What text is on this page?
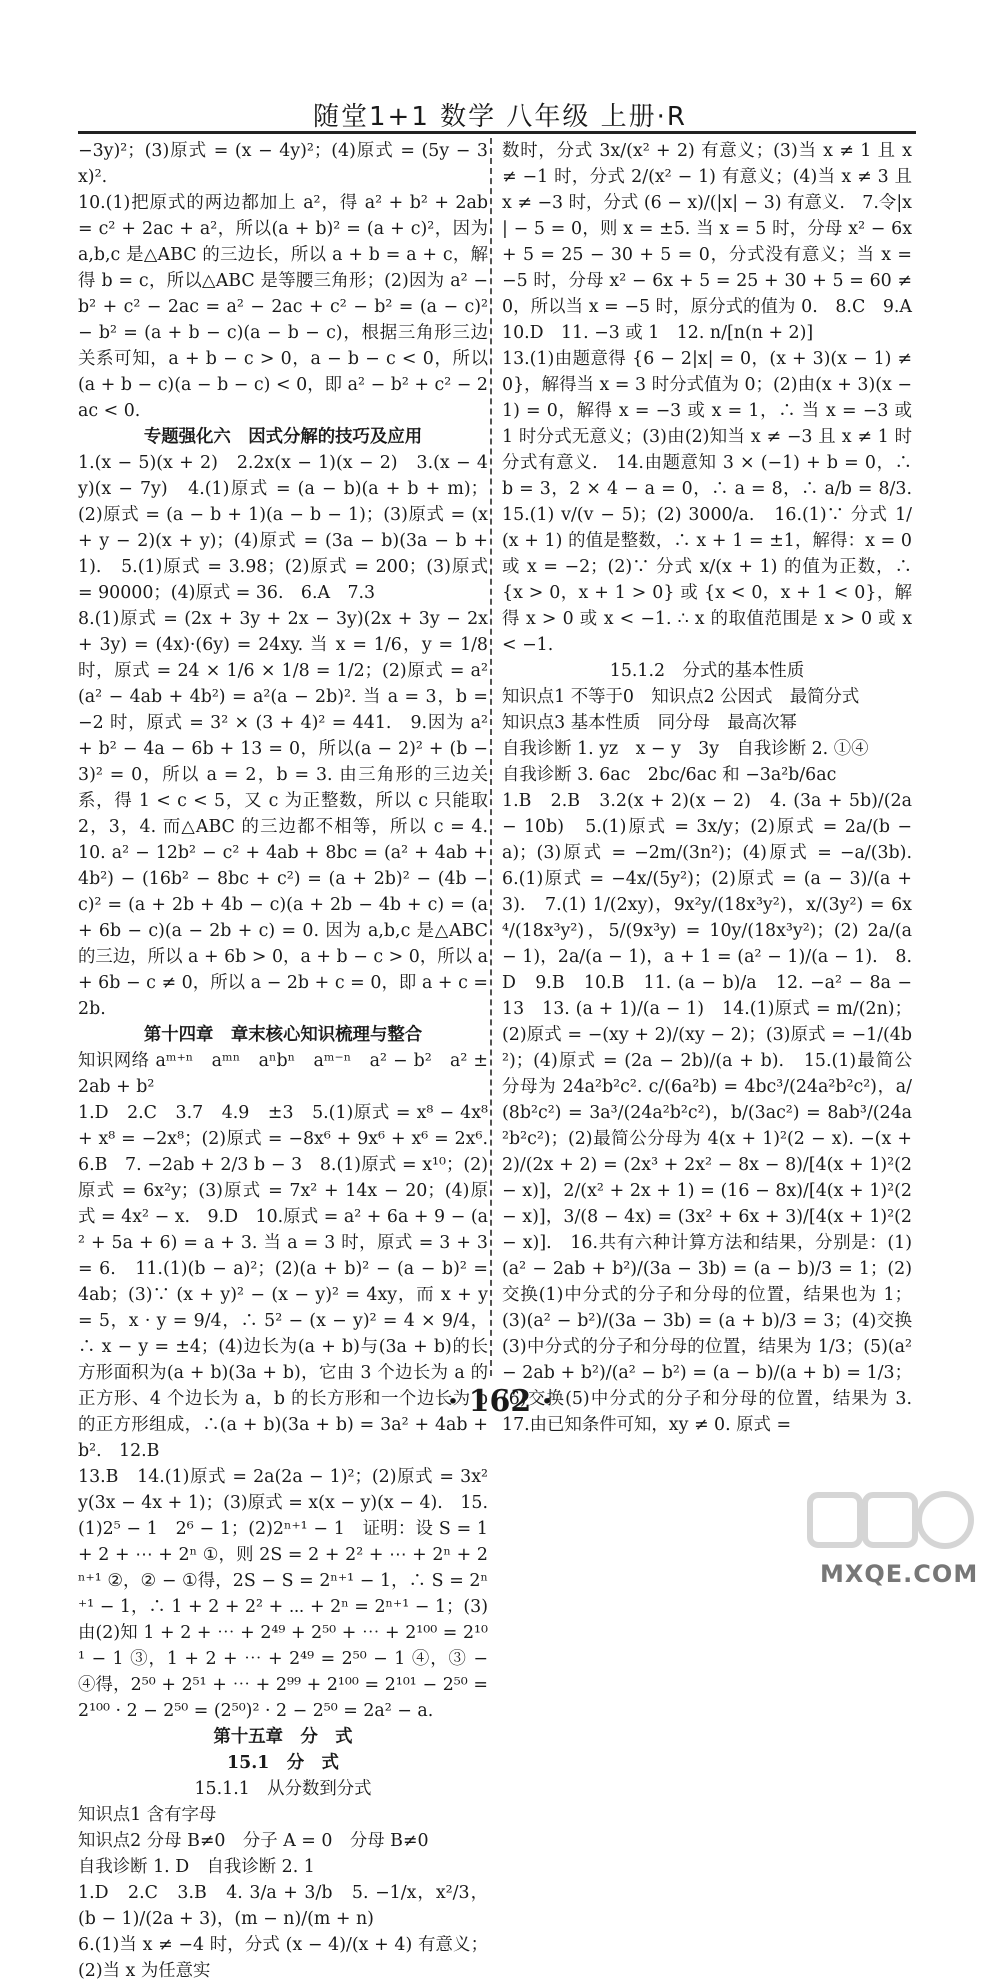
随堂1+1 数学 八年级 上册·R

−3y)²；(3)原式 = (x − 4y)²；(4)原式 = (5y − 3x)².

10.(1)把原式的两边都加上 a²，得 a² + b² + 2ab = c² + 2ac + a²，所以(a + b)² = (a + c)²，因为 a,b,c 是△ABC 的三边长，所以 a + b = a + c，解得 b = c，所以△ABC 是等腰三角形；(2)因为 a² − b² + c² − 2ac = a² − 2ac + c² − b² = (a − c)² − b² = (a + b − c)(a − b − c)，根据三角形三边关系可知，a + b − c > 0，a − b − c < 0，所以(a + b − c)(a − b − c) < 0，即 a² − b² + c² − 2ac < 0.

专题强化六　因式分解的技巧及应用

1.(x − 5)(x + 2)　2.2x(x − 1)(x − 2)　3.(x − 4y)(x − 7y)　4.(1)原式 = (a − b)(a + b + m)；(2)原式 = (a − b + 1)(a − b − 1)；(3)原式 = (x + y − 2)(x + y)；(4)原式 = (3a − b)(3a − b + 1).　5.(1)原式 = 3.98；(2)原式 = 200；(3)原式 = 90000；(4)原式 = 36.　6.A　7.3

8.(1)原式 = (2x + 3y + 2x − 3y)(2x + 3y − 2x + 3y) = (4x)·(6y) = 24xy. 当 x = 1/6，y = 1/8 时，原式 = 24 × 1/6 × 1/8 = 1/2；(2)原式 = a²(a² − 4ab + 4b²) = a²(a − 2b)². 当 a = 3，b = −2 时，原式 = 3² × (3 + 4)² = 441.　9.因为 a² + b² − 4a − 6b + 13 = 0，所以(a − 2)² + (b − 3)² = 0，所以 a = 2，b = 3. 由三角形的三边关系，得 1 < c < 5，又 c 为正整数，所以 c 只能取 2，3，4. 而△ABC 的三边都不相等，所以 c = 4.　10. a² − 12b² − c² + 4ab + 8bc = (a² + 4ab + 4b²) − (16b² − 8bc + c²) = (a + 2b)² − (4b − c)² = (a + 2b + 4b − c)(a + 2b − 4b + c) = (a + 6b − c)(a − 2b + c) = 0. 因为 a,b,c 是△ABC 的三边，所以 a + 6b > 0，a + b − c > 0，所以 a + 6b − c ≠ 0，所以 a − 2b + c = 0，即 a + c = 2b.

第十四章　章末核心知识梳理与整合

知识网络 aᵐ⁺ⁿ　aᵐⁿ　aⁿbⁿ　aᵐ⁻ⁿ　a² − b²　a² ± 2ab + b²

1.D　2.C　3.7　4.9　±3　5.(1)原式 = x⁸ − 4x⁸ + x⁸ = −2x⁸；(2)原式 = −8x⁶ + 9x⁶ + x⁶ = 2x⁶.　6.B　7. −2ab + 2/3 b − 3　8.(1)原式 = x¹⁰；(2)原式 = 6x²y；(3)原式 = 7x² + 14x − 20；(4)原式 = 4x² − x.　9.D　10.原式 = a² + 6a + 9 − (a² + 5a + 6) = a + 3. 当 a = 3 时，原式 = 3 + 3 = 6.　11.(1)(b − a)²；(2)(a + b)² − (a − b)² = 4ab；(3)∵ (x + y)² − (x − y)² = 4xy，而 x + y = 5，x · y = 9/4，∴ 5² − (x − y)² = 4 × 9/4，∴ x − y = ±4；(4)边长为(a + b)与(3a + b)的长方形面积为(a + b)(3a + b)，它由 3 个边长为 a 的正方形、4 个边长为 a，b 的长方形和一个边长为 b 的正方形组成，∴(a + b)(3a + b) = 3a² + 4ab + b².　12.B

13.B　14.(1)原式 = 2a(2a − 1)²；(2)原式 = 3x²y(3x − 4x + 1)；(3)原式 = x(x − y)(x − 4).　15.(1)2⁵ − 1　2⁶ − 1；(2)2ⁿ⁺¹ − 1　证明：设 S = 1 + 2 + ⋯ + 2ⁿ ①，则 2S = 2 + 2² + ⋯ + 2ⁿ + 2ⁿ⁺¹ ②，② − ①得，2S − S = 2ⁿ⁺¹ − 1，∴ S = 2ⁿ⁺¹ − 1，∴ 1 + 2 + 2² + ⋯ + 2ⁿ = 2ⁿ⁺¹ − 1；(3)由(2)知 1 + 2 + ⋯ + 2⁴⁹ + 2⁵⁰ + ⋯ + 2¹⁰⁰ = 2¹⁰¹ − 1 ③，1 + 2 + ⋯ + 2⁴⁹ = 2⁵⁰ − 1 ④，③ − ④得，2⁵⁰ + 2⁵¹ + ⋯ + 2⁹⁹ + 2¹⁰⁰ = 2¹⁰¹ − 2⁵⁰ = 2¹⁰⁰ · 2 − 2⁵⁰ = (2⁵⁰)² · 2 − 2⁵⁰ = 2a² − a.

第十五章　分　式

15.1　分　式

15.1.1　从分数到分式

知识点1 含有字母

知识点2 分母 B≠0　分子 A = 0　分母 B≠0

自我诊断 1. D　自我诊断 2. 1

1.D　2.C　3.B　4. 3/a + 3/b　5. −1/x，x²/3，(b − 1)/(2a + 3)，(m − n)/(m + n)

6.(1)当 x ≠ −4 时，分式 (x − 4)/(x + 4) 有意义；(2)当 x 为任意实

数时，分式 3x/(x² + 2) 有意义；(3)当 x ≠ 1 且 x ≠ −1 时，分式 2/(x² − 1) 有意义；(4)当 x ≠ 3 且 x ≠ −3 时，分式 (6 − x)/(|x| − 3) 有意义.　7.令|x| − 5 = 0，则 x = ±5. 当 x = 5 时，分母 x² − 6x + 5 = 25 − 30 + 5 = 0，分式没有意义；当 x = −5 时，分母 x² − 6x + 5 = 25 + 30 + 5 = 60 ≠ 0，所以当 x = −5 时，原分式的值为 0.　8.C　9.A　10.D　11. −3 或 1　12. n/[n(n + 2)]

13.(1)由题意得 {6 − 2|x| = 0，(x + 3)(x − 1) ≠ 0}，解得当 x = 3 时分式值为 0；(2)由(x + 3)(x − 1) = 0，解得 x = −3 或 x = 1，∴ 当 x = −3 或 1 时分式无意义；(3)由(2)知当 x ≠ −3 且 x ≠ 1 时分式有意义.　14.由题意知 3 × (−1) + b = 0，∴ b = 3，2 × 4 − a = 0，∴ a = 8，∴ a/b = 8/3.　15.(1) v/(v − 5)；(2) 3000/a.　16.(1)∵ 分式 1/(x + 1) 的值是整数，∴ x + 1 = ±1，解得：x = 0 或 x = −2；(2)∵ 分式 x/(x + 1) 的值为正数，∴ {x > 0，x + 1 > 0} 或 {x < 0，x + 1 < 0}，解得 x > 0 或 x < −1. ∴ x 的取值范围是 x > 0 或 x < −1.

15.1.2　分式的基本性质

知识点1 不等于0　知识点2 公因式　最简分式

知识点3 基本性质　同分母　最高次幂

自我诊断 1. yz　x − y　3y　自我诊断 2. ①④

自我诊断 3. 6ac　2bc/6ac 和 −3a²b/6ac

1.B　2.B　3.2(x + 2)(x − 2)　4. (3a + 5b)/(2a − 10b)　5.(1)原式 = 3x/y；(2)原式 = 2a/(b − a)；(3)原式 = −2m/(3n²)；(4)原式 = −a/(3b).　6.(1)原式 = −4x/(5y²)；(2)原式 = (a − 3)/(a + 3).　7.(1) 1/(2xy)，9x²y/(18x³y²)，x/(3y²) = 6x⁴/(18x³y²)，5/(9x³y) = 10y/(18x³y²)；(2) 2a/(a − 1)，2a/(a − 1)，a + 1 = (a² − 1)/(a − 1).　8.D　9.B　10.B　11. (a − b)/a　12. −a² − 8a − 13　13. (a + 1)/(a − 1)　14.(1)原式 = m/(2n)；(2)原式 = −(xy + 2)/(xy − 2)；(3)原式 = −1/(4b²)；(4)原式 = (2a − 2b)/(a + b).　15.(1)最简公分母为 24a²b²c². c/(6a²b) = 4bc³/(24a²b²c²)，a/(8b²c²) = 3a³/(24a²b²c²)，b/(3ac²) = 8ab³/(24a²b²c²)；(2)最简公分母为 4(x + 1)²(2 − x). −(x + 2)/(2x + 2) = (2x³ + 2x² − 8x − 8)/[4(x + 1)²(2 − x)]，2/(x² + 2x + 1) = (16 − 8x)/[4(x + 1)²(2 − x)]，3/(8 − 4x) = (3x² + 6x + 3)/[4(x + 1)²(2 − x)].　16.共有六种计算方法和结果，分别是：(1)(a² − 2ab + b²)/(3a − 3b) = (a − b)/3 = 1；(2)交换(1)中分式的分子和分母的位置，结果也为 1；(3)(a² − b²)/(3a − 3b) = (a + b)/3 = 3；(4)交换(3)中分式的分子和分母的位置，结果为 1/3；(5)(a² − 2ab + b²)/(a² − b²) = (a − b)/(a + b) = 1/3；(6)交换(5)中分式的分子和分母的位置，结果为 3.　17.由已知条件可知，xy ≠ 0. 原式 =

· 162 ·
MXQE.COM
